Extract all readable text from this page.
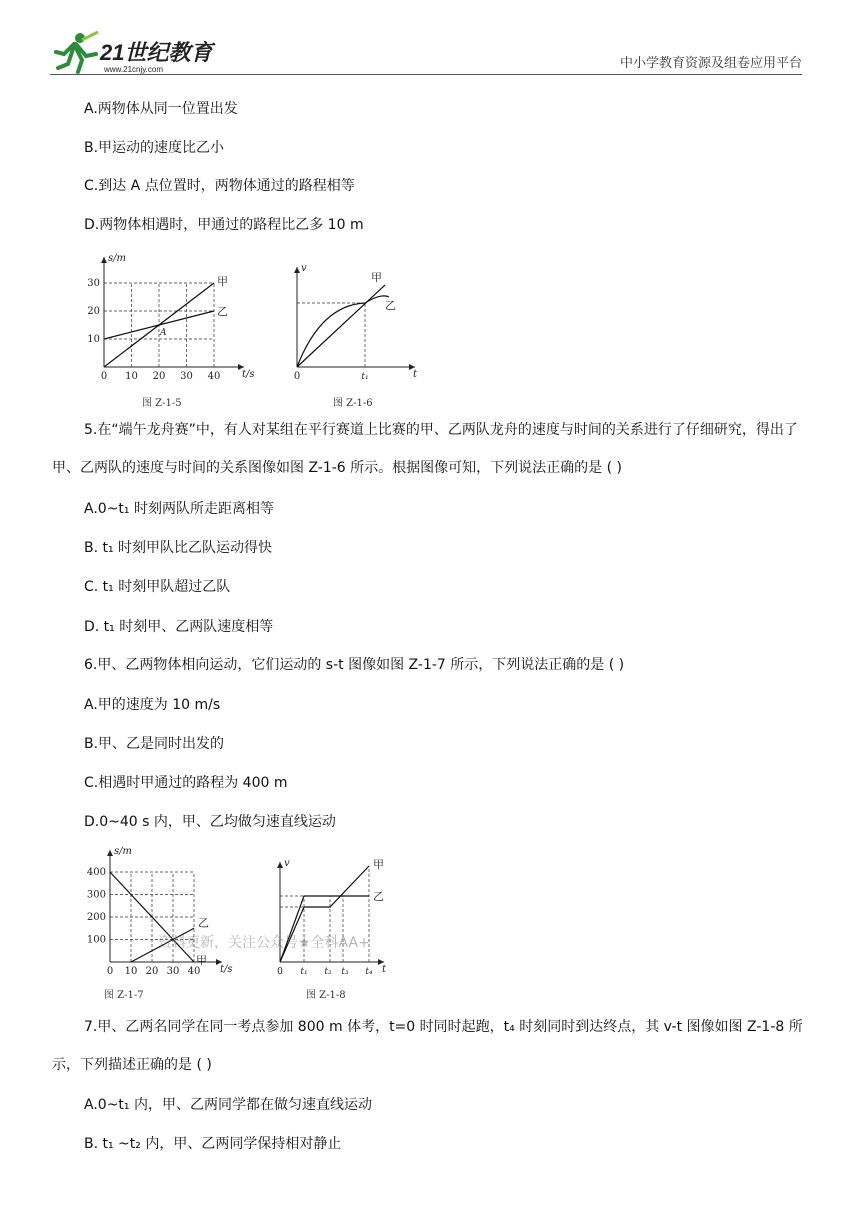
21世纪教育
www.21cnjy.com	中小学教育资源及组卷应用平台
A.两物体从同一位置出发
B.甲运动的速度比乙小
C.到达 A 点位置时，两物体通过的路程相等
D.两物体相遇时，甲通过的路程比乙多 10 m
t/s
s/m
0 10 20 30 40
10
20
30	甲
乙
A
图 Z-1-5
t
v
甲
乙
0	t₁
图 Z-1-6
5.在“端午龙舟赛”中，有人对某组在平行赛道上比赛的甲、乙两队龙舟的速度与时间的关系进行了仔细研究，得出了甲、乙两队的速度与时间的关系图像如图 Z-1-6 所示。根据图像可知，下列说法正确的是 ( )
A.0~t₁ 时刻两队所走距离相等
B. t₁ 时刻甲队比乙队运动得快
C. t₁ 时刻甲队超过乙队
D. t₁ 时刻甲、乙两队速度相等
6.甲、乙两物体相向运动，它们运动的 s-t 图像如图 Z-1-7 所示，下列说法正确的是 ( )
A.甲的速度为 10 m/s
B.甲、乙是同时出发的
C.相遇时甲通过的路程为 400 m
D.0~40 s 内，甲、乙均做匀速直线运动
t/s
s/m
0 10 20 30 40
100
200
300
400
甲
乙
图 Z-1-7
t
v	甲
乙
0 t₁ t₂ t₃ t₄
图 Z-1-8
资料更新，关注公众号★全科AA+
7.甲、乙两名同学在同一考点参加 800 m 体考，t=0 时同时起跑，t₄ 时刻同时到达终点，其 v-t 图像如图 Z-1-8 所示，下列描述正确的是 ( )
A.0~t₁ 内，甲、乙两同学都在做匀速直线运动
B. t₁ ~t₂ 内，甲、乙两同学保持相对静止
